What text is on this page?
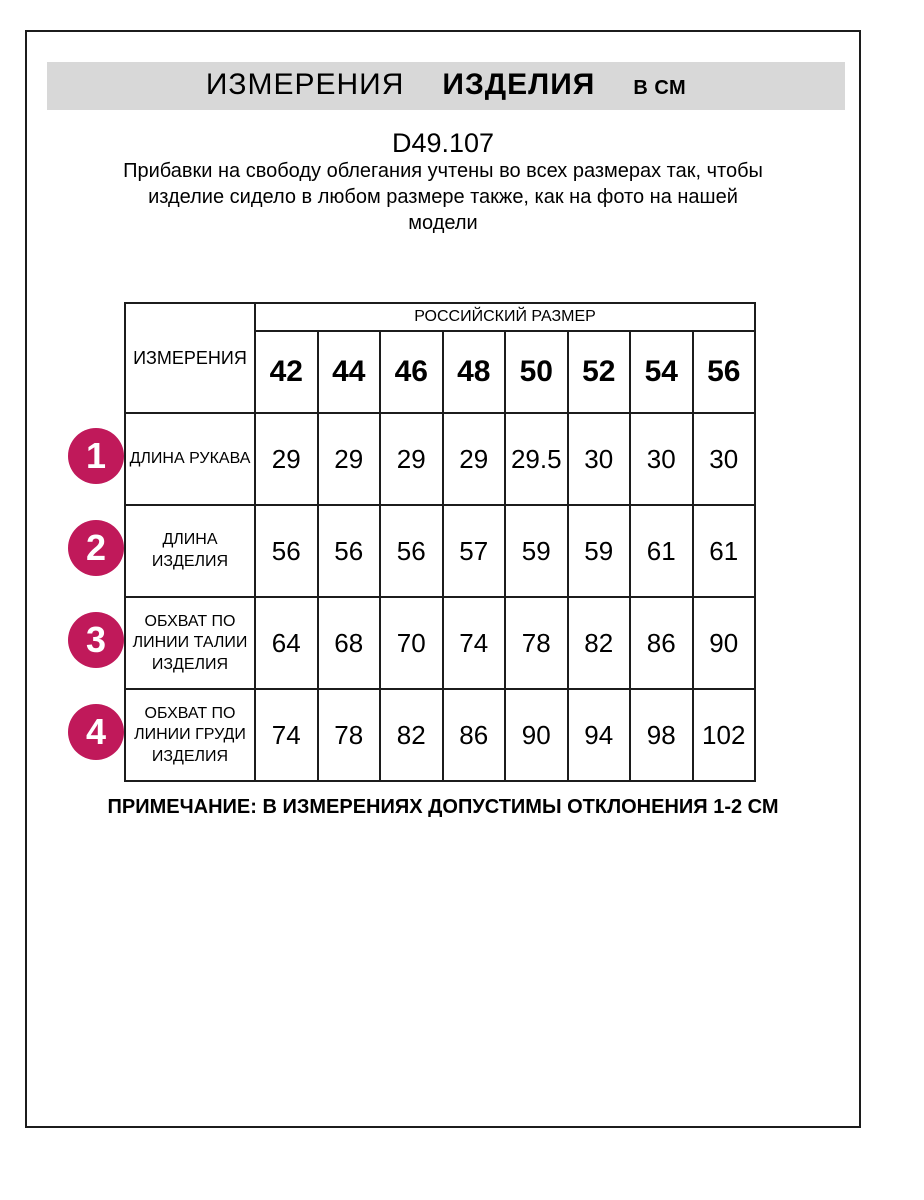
ИЗМЕРЕНИЯ ИЗДЕЛИЯ В СМ
D49.107

Прибавки на свободу облегания учтены во всех размерах так, чтобы изделие сидело в любом размере также, как на фото на нашей модели

ИЗМЕРЕНИЯ	РОССИЙСКИЙ РАЗМЕР							
	42	44	46	48	50	52	54	56
ДЛИНА РУКАВА	29	29	29	29	29.5	30	30	30
ДЛИНА
ИЗДЕЛИЯ	56	56	56	57	59	59	61	61
ОБХВАТ ПО
ЛИНИИ ТАЛИИ
ИЗДЕЛИЯ	64	68	70	74	78	82	86	90
ОБХВАТ ПО
ЛИНИИ ГРУДИ
ИЗДЕЛИЯ	74	78	82	86	90	94	98	102
1
2
3
4

ПРИМЕЧАНИЕ: В ИЗМЕРЕНИЯХ ДОПУСТИМЫ ОТКЛОНЕНИЯ 1-2 СМ
